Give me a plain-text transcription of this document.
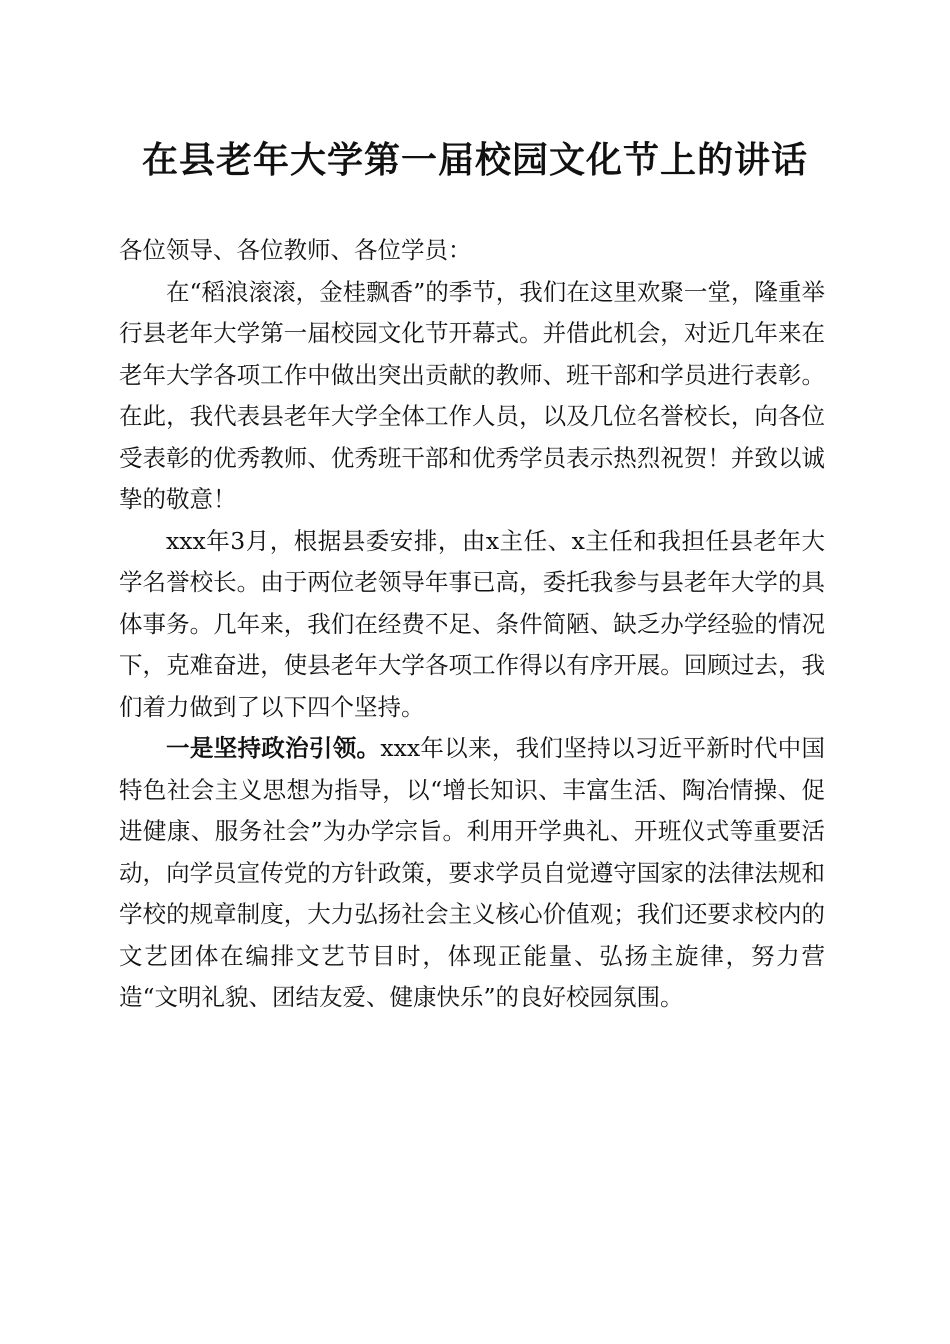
在县老年大学第一届校园文化节上的讲话

各位领导、各位教师、各位学员：

在“稻浪滚滚，金桂飘香”的季节，我们在这里欢聚一堂，隆重举行县老年大学第一届校园文化节开幕式。并借此机会，对近几年来在老年大学各项工作中做出突出贡献的教师、班干部和学员进行表彰。在此，我代表县老年大学全体工作人员，以及几位名誉校长，向各位受表彰的优秀教师、优秀班干部和优秀学员表示热烈祝贺！并致以诚挚的敬意！

xxx年3月，根据县委安排，由x主任、x主任和我担任县老年大学名誉校长。由于两位老领导年事已高，委托我参与县老年大学的具体事务。几年来，我们在经费不足、条件简陋、缺乏办学经验的情况下，克难奋进，使县老年大学各项工作得以有序开展。回顾过去，我们着力做到了以下四个坚持。

一是坚持政治引领。xxx年以来，我们坚持以习近平新时代中国特色社会主义思想为指导，以“增长知识、丰富生活、陶冶情操、促进健康、服务社会”为办学宗旨。利用开学典礼、开班仪式等重要活动，向学员宣传党的方针政策，要求学员自觉遵守国家的法律法规和学校的规章制度，大力弘扬社会主义核心价值观；我们还要求校内的文艺团体在编排文艺节目时，体现正能量、弘扬主旋律，努力营造“文明礼貌、团结友爱、健康快乐”的良好校园氛围。
